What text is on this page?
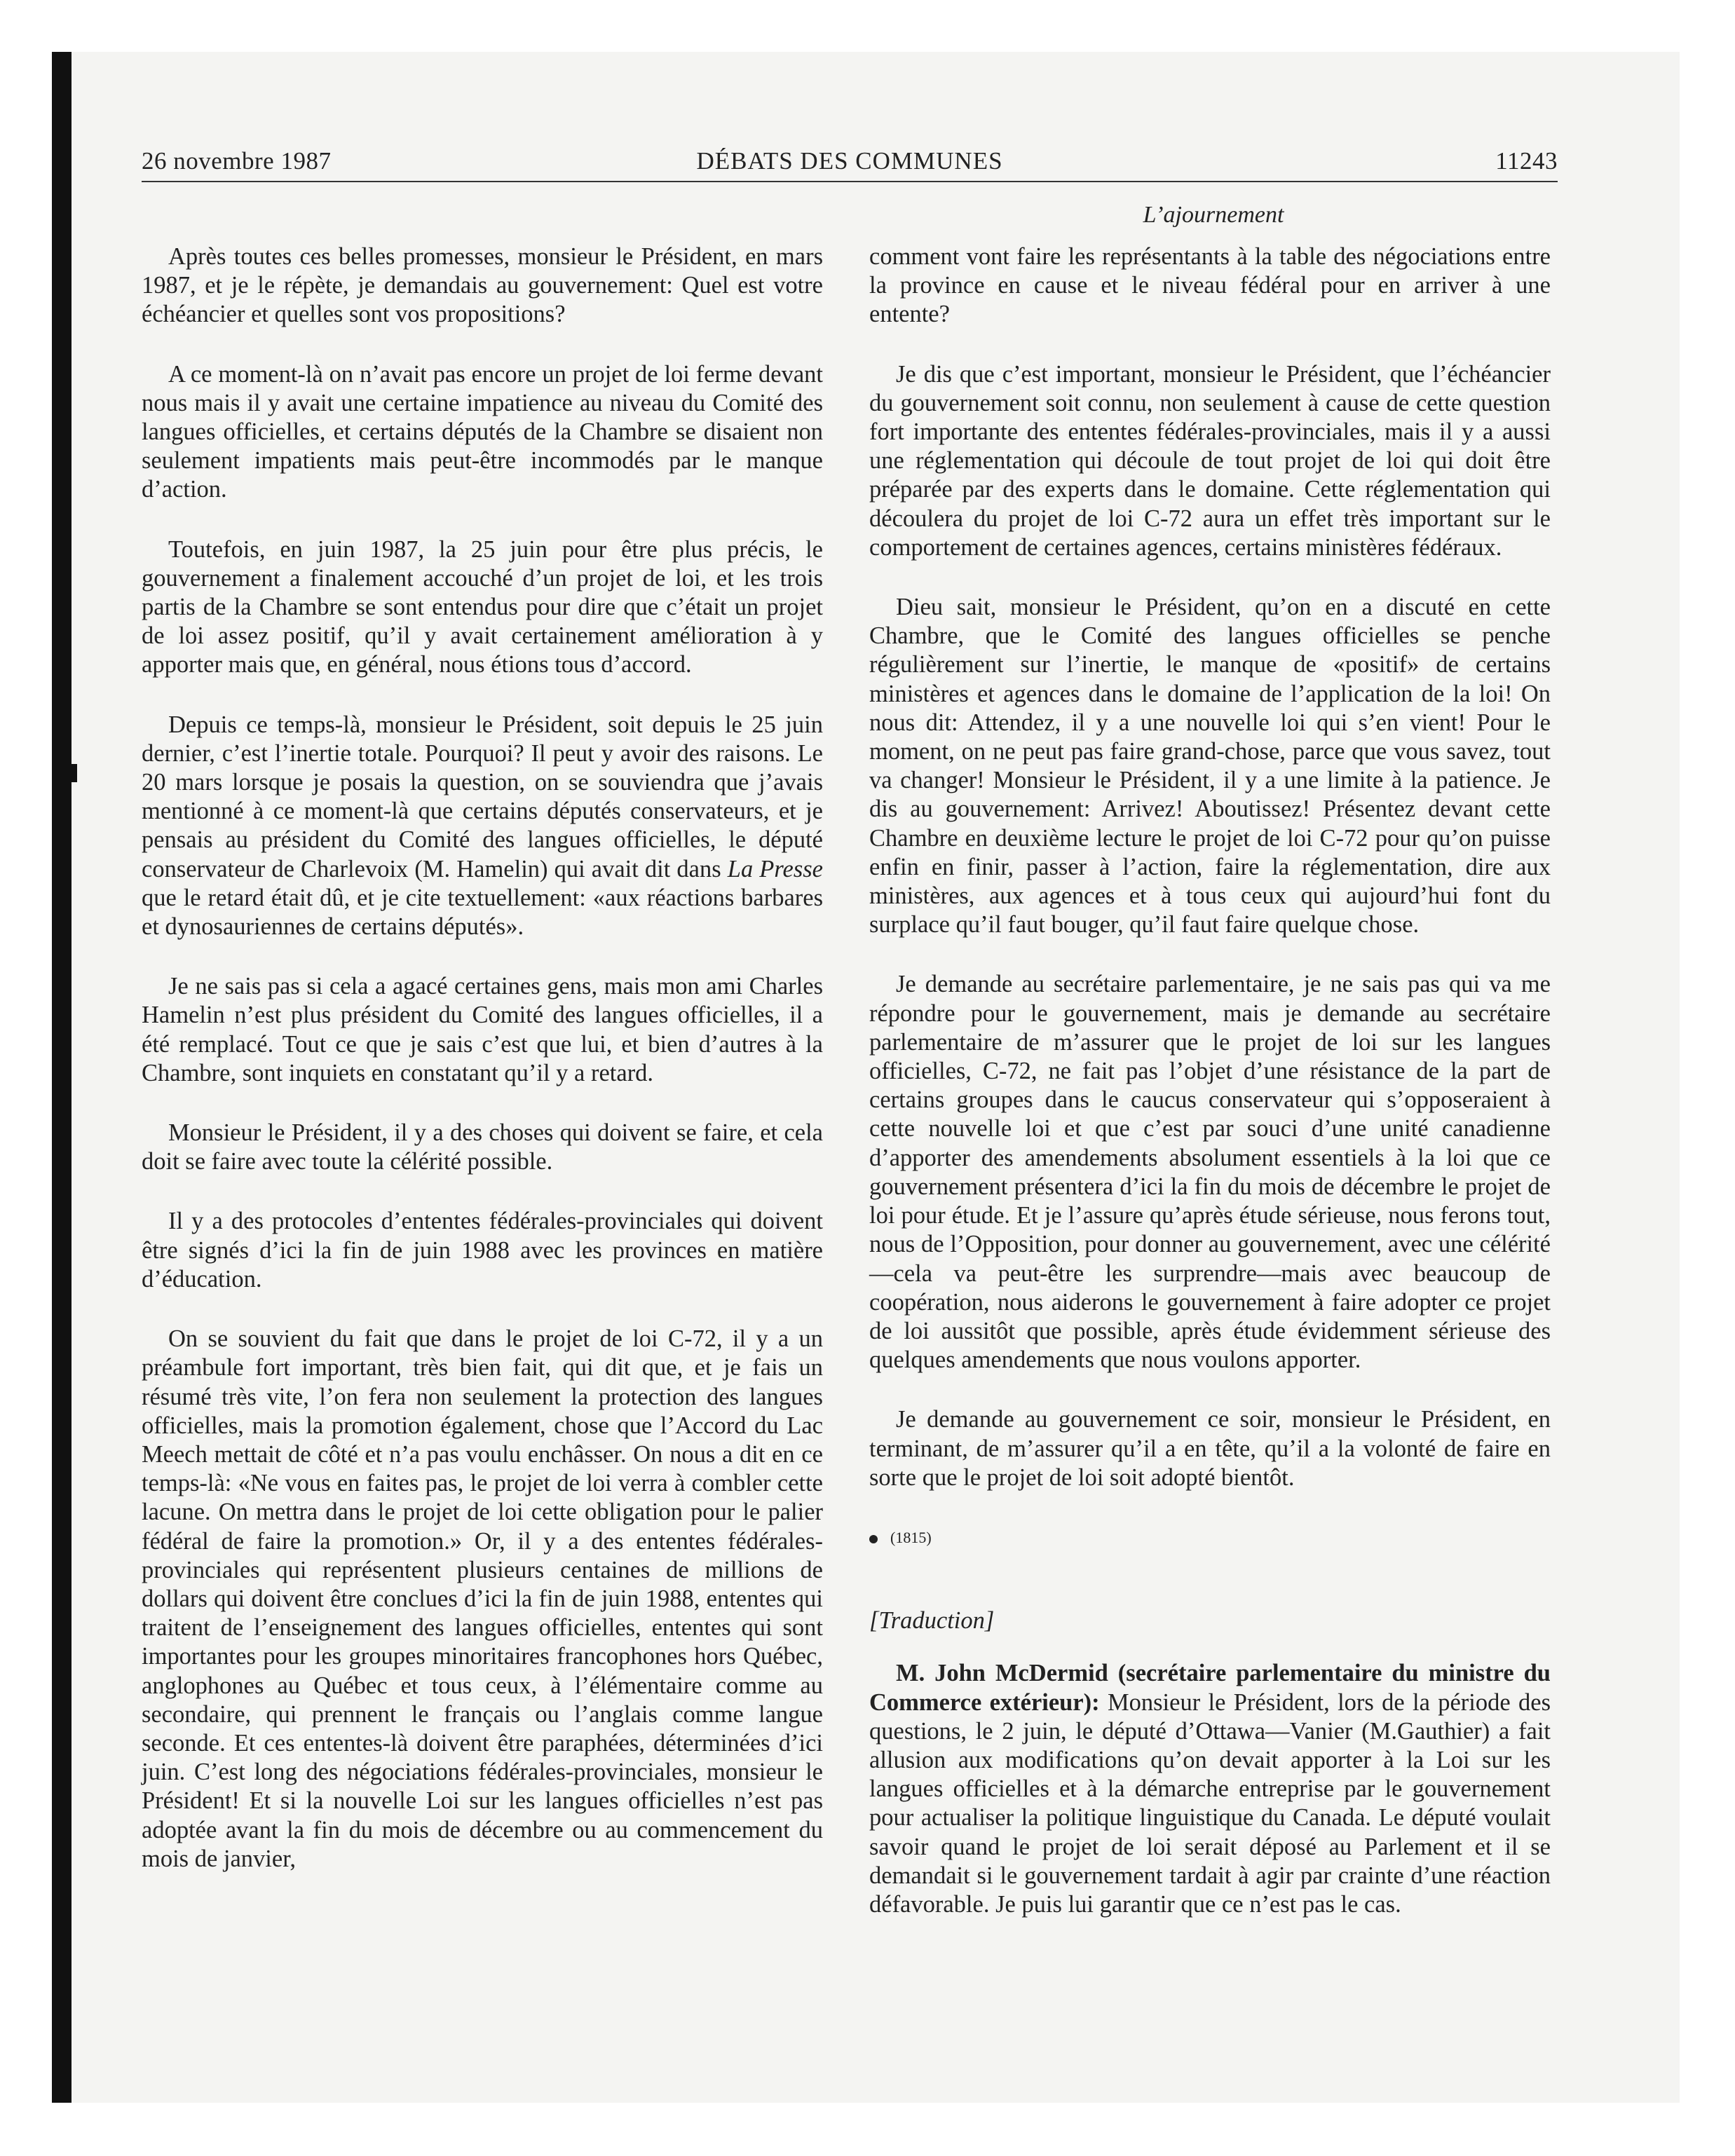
26 novembre 1987	DÉBATS DES COMMUNES	11243
L’ajournement

Après toutes ces belles promesses, monsieur le Président, en mars 1987, et je le répète, je demandais au gouvernement: Quel est votre échéancier et quelles sont vos propositions?

A ce moment-là on n’avait pas encore un projet de loi ferme devant nous mais il y avait une certaine impatience au niveau du Comité des langues officielles, et certains députés de la Chambre se disaient non seulement impatients mais peut-être incommodés par le manque d’action.

Toutefois, en juin 1987, la 25 juin pour être plus précis, le gouvernement a finalement accouché d’un projet de loi, et les trois partis de la Chambre se sont entendus pour dire que c’était un projet de loi assez positif, qu’il y avait certainement amélioration à y apporter mais que, en général, nous étions tous d’accord.

Depuis ce temps-là, monsieur le Président, soit depuis le 25 juin dernier, c’est l’inertie totale. Pourquoi? Il peut y avoir des raisons. Le 20 mars lorsque je posais la question, on se souviendra que j’avais mentionné à ce moment-là que certains députés conservateurs, et je pensais au président du Comité des langues officielles, le député conservateur de Charlevoix (M. Hamelin) qui avait dit dans La Presse que le retard était dû, et je cite textuellement: «aux réactions barbares et dynosauriennes de certains députés».

Je ne sais pas si cela a agacé certaines gens, mais mon ami Charles Hamelin n’est plus président du Comité des langues officielles, il a été remplacé. Tout ce que je sais c’est que lui, et bien d’autres à la Chambre, sont inquiets en constatant qu’il y a retard.

Monsieur le Président, il y a des choses qui doivent se faire, et cela doit se faire avec toute la célérité possible.

Il y a des protocoles d’ententes fédérales-provinciales qui doivent être signés d’ici la fin de juin 1988 avec les provinces en matière d’éducation.

On se souvient du fait que dans le projet de loi C-72, il y a un préambule fort important, très bien fait, qui dit que, et je fais un résumé très vite, l’on fera non seulement la protection des langues officielles, mais la promotion également, chose que l’Accord du Lac Meech mettait de côté et n’a pas voulu enchâsser. On nous a dit en ce temps-là: «Ne vous en faites pas, le projet de loi verra à combler cette lacune. On mettra dans le projet de loi cette obligation pour le palier fédéral de faire la promotion.» Or, il y a des ententes fédérales-provinciales qui représentent plusieurs centaines de millions de dollars qui doivent être conclues d’ici la fin de juin 1988, ententes qui traitent de l’enseignement des langues officielles, ententes qui sont importantes pour les groupes minoritaires francophones hors Québec, anglophones au Québec et tous ceux, à l’élémentaire comme au secondaire, qui prennent le français ou l’anglais comme langue seconde. Et ces ententes-là doivent être paraphées, déterminées d’ici juin. C’est long des négociations fédérales-provinciales, monsieur le Président! Et si la nouvelle Loi sur les langues officielles n’est pas adoptée avant la fin du mois de décembre ou au commencement du mois de janvier,

comment vont faire les représentants à la table des négociations entre la province en cause et le niveau fédéral pour en arriver à une entente?

Je dis que c’est important, monsieur le Président, que l’échéancier du gouvernement soit connu, non seulement à cause de cette question fort importante des ententes fédérales-provinciales, mais il y a aussi une réglementation qui découle de tout projet de loi qui doit être préparée par des experts dans le domaine. Cette réglementation qui découlera du projet de loi C-72 aura un effet très important sur le comportement de certaines agences, certains ministères fédéraux.

Dieu sait, monsieur le Président, qu’on en a discuté en cette Chambre, que le Comité des langues officielles se penche régulièrement sur l’inertie, le manque de «positif» de certains ministères et agences dans le domaine de l’application de la loi! On nous dit: Attendez, il y a une nouvelle loi qui s’en vient! Pour le moment, on ne peut pas faire grand-chose, parce que vous savez, tout va changer! Monsieur le Président, il y a une limite à la patience. Je dis au gouvernement: Arrivez! Aboutissez! Présentez devant cette Chambre en deuxième lecture le projet de loi C-72 pour qu’on puisse enfin en finir, passer à l’action, faire la réglementation, dire aux ministères, aux agences et à tous ceux qui aujourd’hui font du surplace qu’il faut bouger, qu’il faut faire quelque chose.

Je demande au secrétaire parlementaire, je ne sais pas qui va me répondre pour le gouvernement, mais je demande au secrétaire parlementaire de m’assurer que le projet de loi sur les langues officielles, C-72, ne fait pas l’objet d’une résistance de la part de certains groupes dans le caucus conservateur qui s’opposeraient à cette nouvelle loi et que c’est par souci d’une unité canadienne d’apporter des amendements absolument essentiels à la loi que ce gouvernement présentera d’ici la fin du mois de décembre le projet de loi pour étude. Et je l’assure qu’après étude sérieuse, nous ferons tout, nous de l’Opposition, pour donner au gouvernement, avec une célérité—cela va peut-être les surprendre—mais avec beaucoup de coopération, nous aiderons le gouvernement à faire adopter ce projet de loi aussitôt que possible, après étude évidemment sérieuse des quelques amendements que nous voulons apporter.

Je demande au gouvernement ce soir, monsieur le Président, en terminant, de m’assurer qu’il a en tête, qu’il a la volonté de faire en sorte que le projet de loi soit adopté bientôt.

(1815)
[Traduction]

M. John McDermid (secrétaire parlementaire du ministre du Commerce extérieur): Monsieur le Président, lors de la période des questions, le 2 juin, le député d’Ottawa—Vanier (M.Gauthier) a fait allusion aux modifications qu’on devait apporter à la Loi sur les langues officielles et à la démarche entreprise par le gouvernement pour actualiser la politique linguistique du Canada. Le député voulait savoir quand le projet de loi serait déposé au Parlement et il se demandait si le gouvernement tardait à agir par crainte d’une réaction défavorable. Je puis lui garantir que ce n’est pas le cas.
